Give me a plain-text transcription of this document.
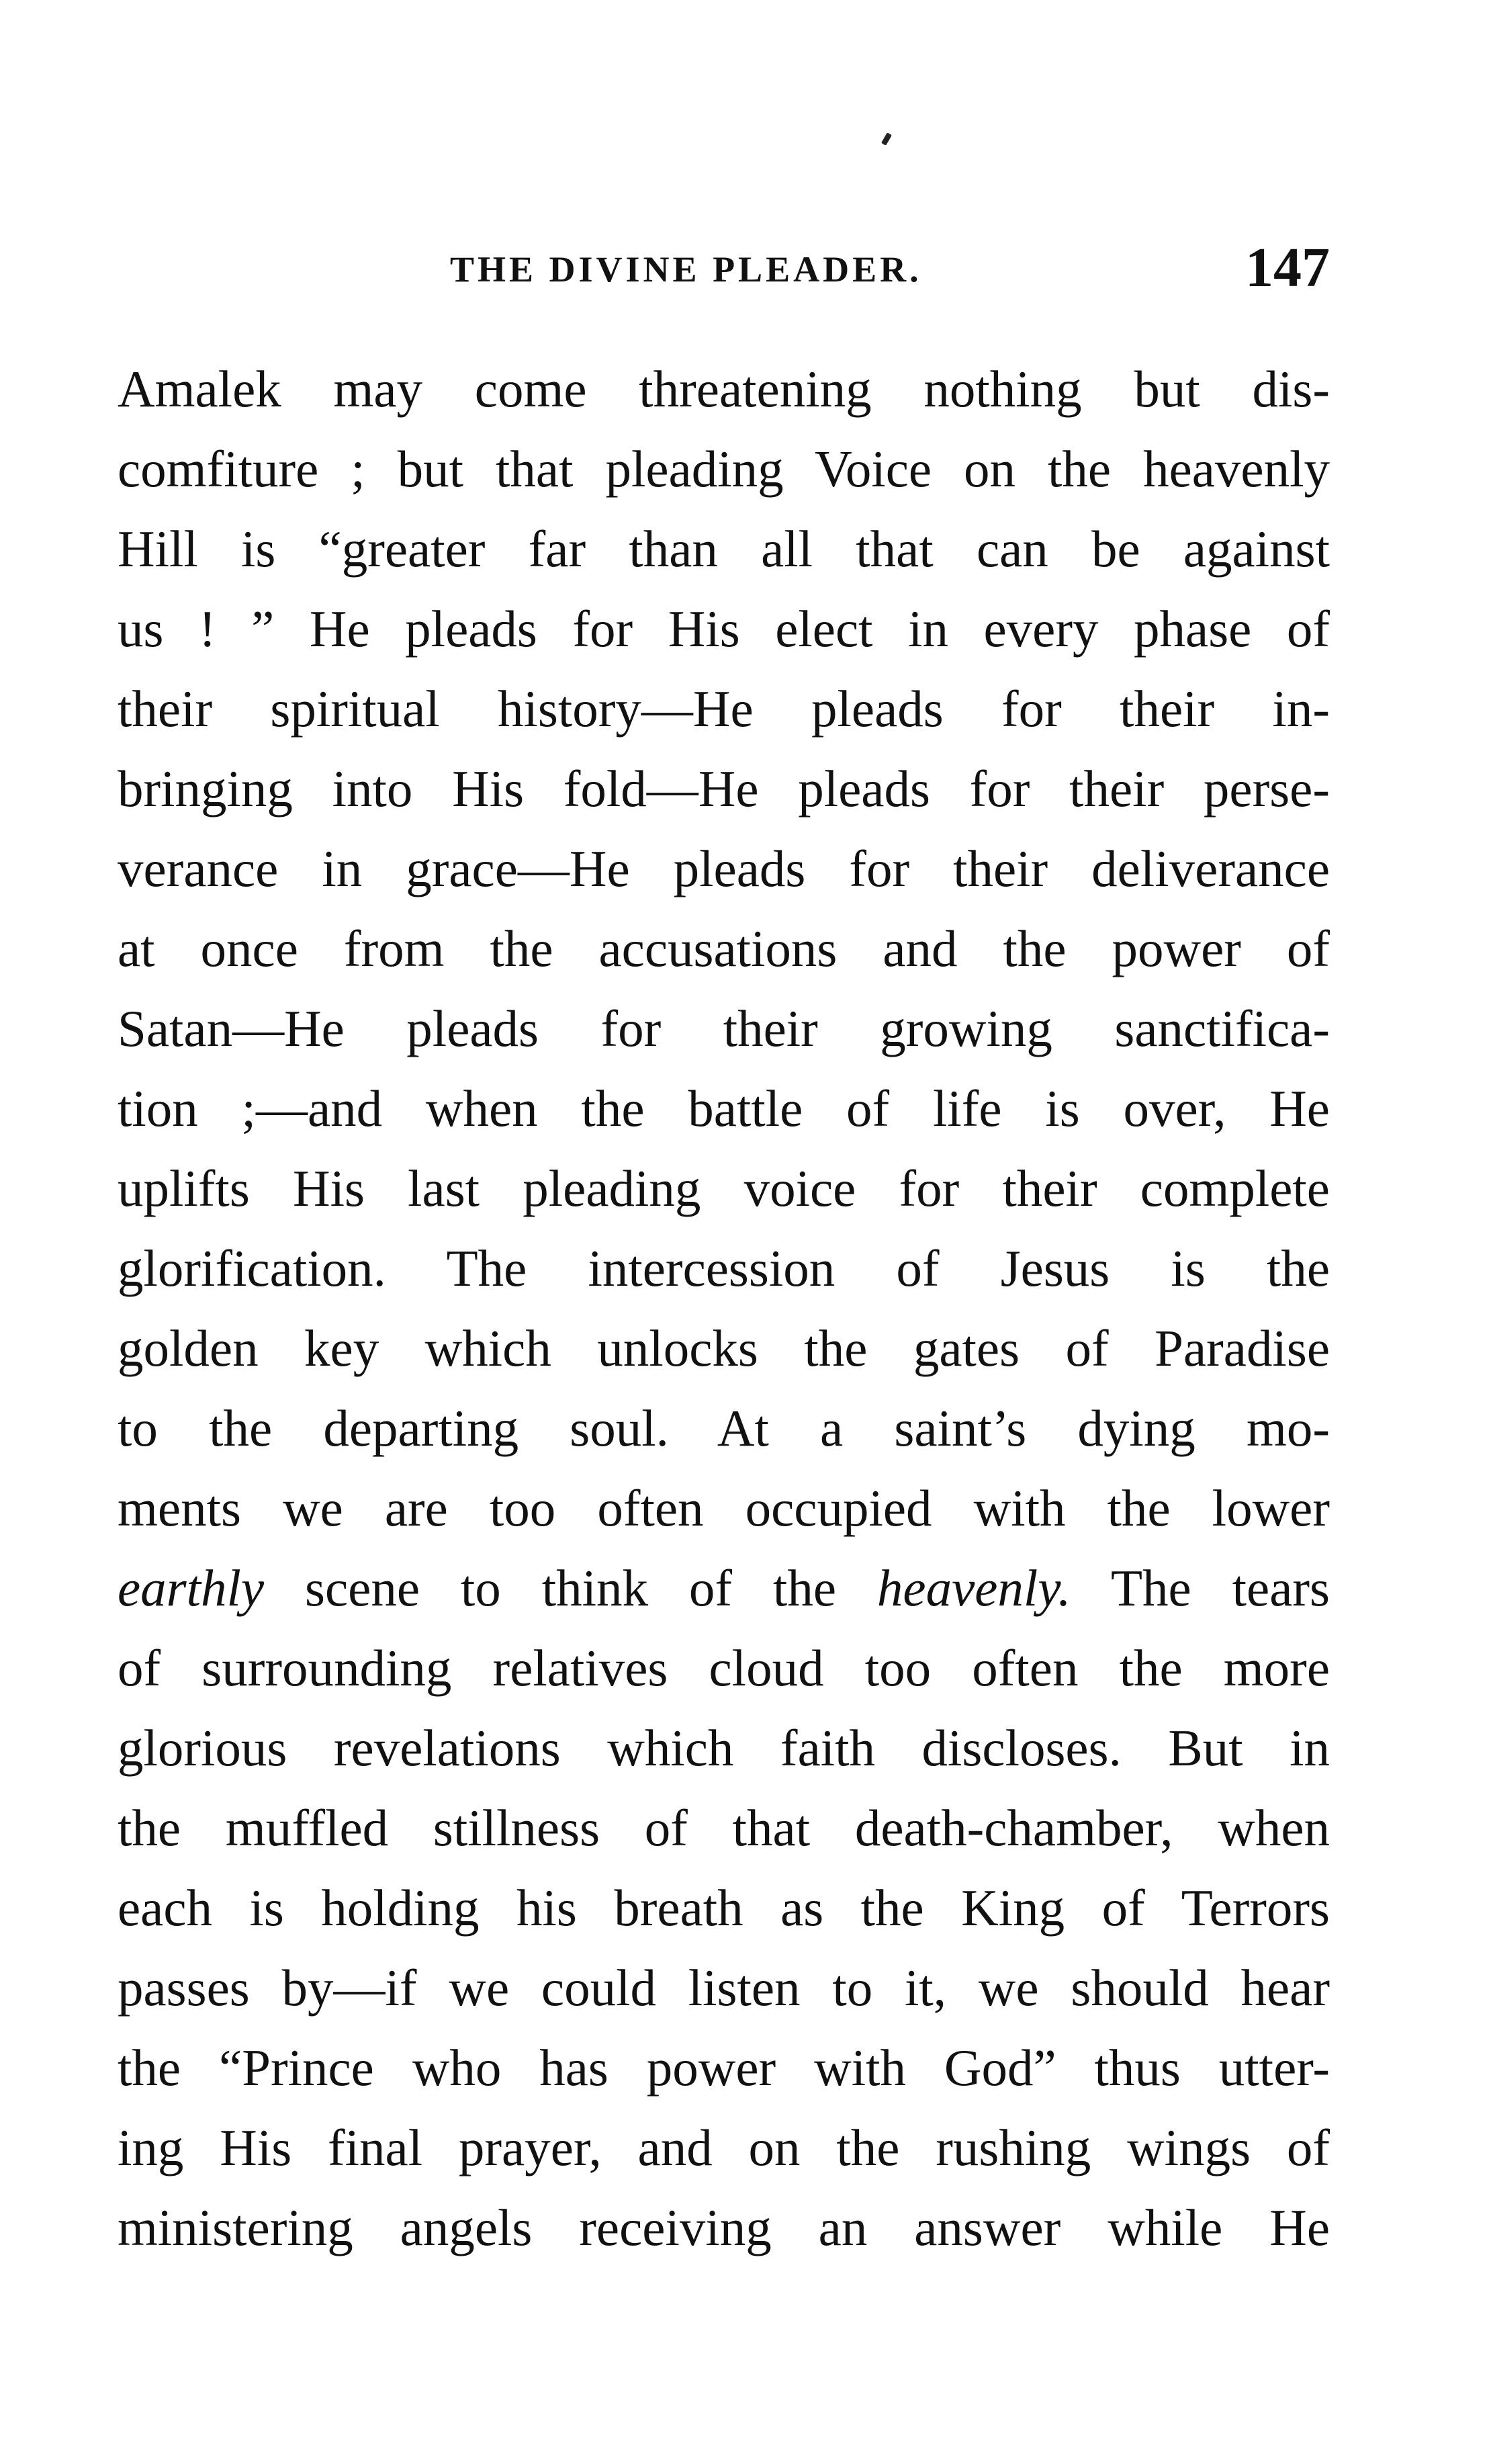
THE DIVINE PLEADER.	147
Amalek may come threatening nothing but dis-
comfiture ; but that pleading Voice on the heavenly
Hill is “greater far than all that can be against
us ! ” He pleads for His elect in every phase of
their spiritual history—He pleads for their in-
bringing into His fold—He pleads for their perse-
verance in grace—He pleads for their deliverance
at once from the accusations and the power of
Satan—He pleads for their growing sanctifica-
tion ;—and when the battle of life is over, He
uplifts His last pleading voice for their complete
glorification. The intercession of Jesus is the
golden key which unlocks the gates of Paradise
to the departing soul. At a saint’s dying mo-
ments we are too often occupied with the lower
earthly scene to think of the heavenly. The tears
of surrounding relatives cloud too often the more
glorious revelations which faith discloses. But in
the muffled stillness of that death-chamber, when
each is holding his breath as the King of Terrors
passes by—if we could listen to it, we should hear
the “Prince who has power with God” thus utter-
ing His final prayer, and on the rushing wings of
ministering angels receiving an answer while He
